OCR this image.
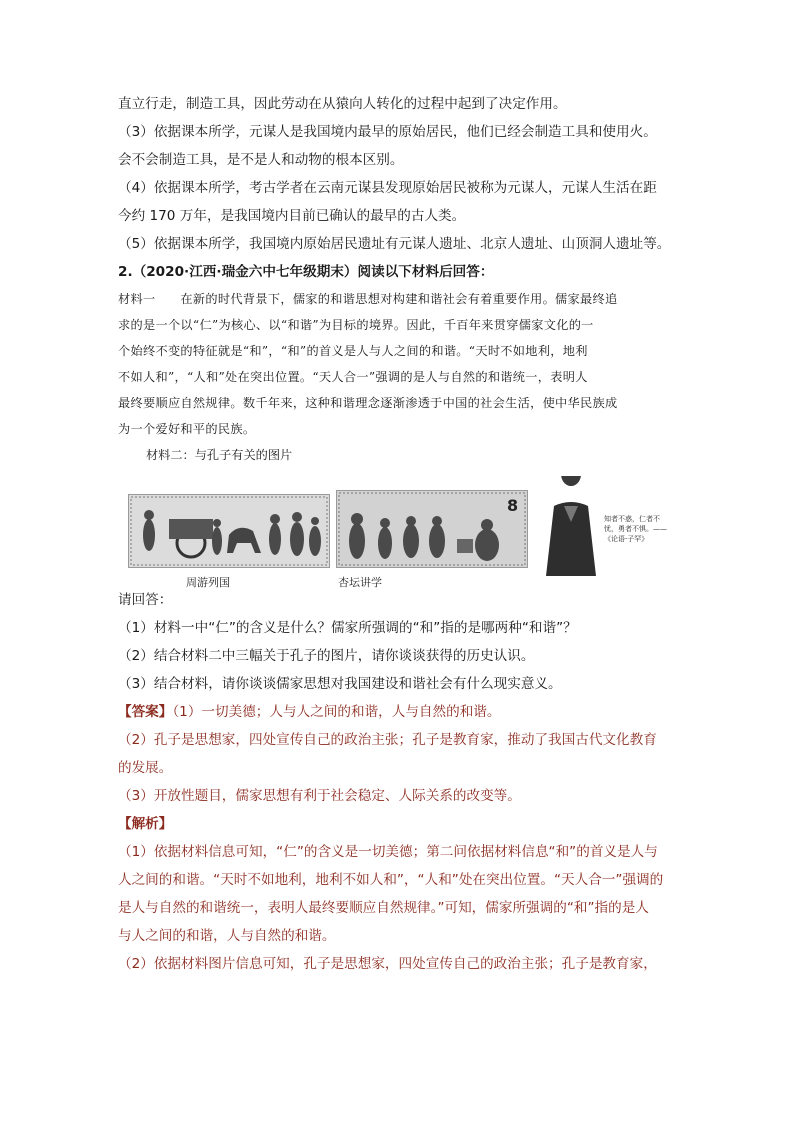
直立行走，制造工具，因此劳动在从猿向人转化的过程中起到了决定作用。

（3）依据课本所学，元谋人是我国境内最早的原始居民，他们已经会制造工具和使用火。

会不会制造工具，是不是人和动物的根本区别。

（4）依据课本所学，考古学者在云南元谋县发现原始居民被称为元谋人，元谋人生活在距

今约 170 万年，是我国境内目前已确认的最早的古人类。

（5）依据课本所学，我国境内原始居民遗址有元谋人遗址、北京人遗址、山顶洞人遗址等。

2.（2020·江西·瑞金六中七年级期末）阅读以下材料后回答：

材料一　　在新的时代背景下，儒家的和谐思想对构建和谐社会有着重要作用。儒家最终追

求的是一个以“仁”为核心、以“和谐”为目标的境界。因此，千百年来贯穿儒家文化的一

个始终不变的特征就是“和”，“和”的首义是人与人之间的和谐。“天时不如地利，地利

不如人和”，“人和”处在突出位置。“天人合一”强调的是人与自然的和谐统一，表明人

最终要顺应自然规律。数千年来，这种和谐理念逐渐渗透于中国的社会生活，使中华民族成

为一个爱好和平的民族。

材料二：与孔子有关的图片

8
知者不惑，仁者不忧，勇者不惧。——《论语·子罕》
周游列国	杏坛讲学

请回答：

（1）材料一中“仁”的含义是什么？儒家所强调的“和”指的是哪两种“和谐”？

（2）结合材料二中三幅关于孔子的图片，请你谈谈获得的历史认识。

（3）结合材料，请你谈谈儒家思想对我国建设和谐社会有什么现实意义。

【答案】（1）一切美德；人与人之间的和谐，人与自然的和谐。

（2）孔子是思想家，四处宣传自己的政治主张；孔子是教育家，推动了我国古代文化教育

的发展。

（3）开放性题目，儒家思想有利于社会稳定、人际关系的改变等。

【解析】

（1）依据材料信息可知，“仁”的含义是一切美德；第二问依据材料信息“和”的首义是人与

人之间的和谐。“天时不如地利，地利不如人和”，“人和”处在突出位置。“天人合一”强调的

是人与自然的和谐统一，表明人最终要顺应自然规律。”可知，儒家所强调的“和”指的是人

与人之间的和谐，人与自然的和谐。

（2）依据材料图片信息可知，孔子是思想家，四处宣传自己的政治主张；孔子是教育家，
